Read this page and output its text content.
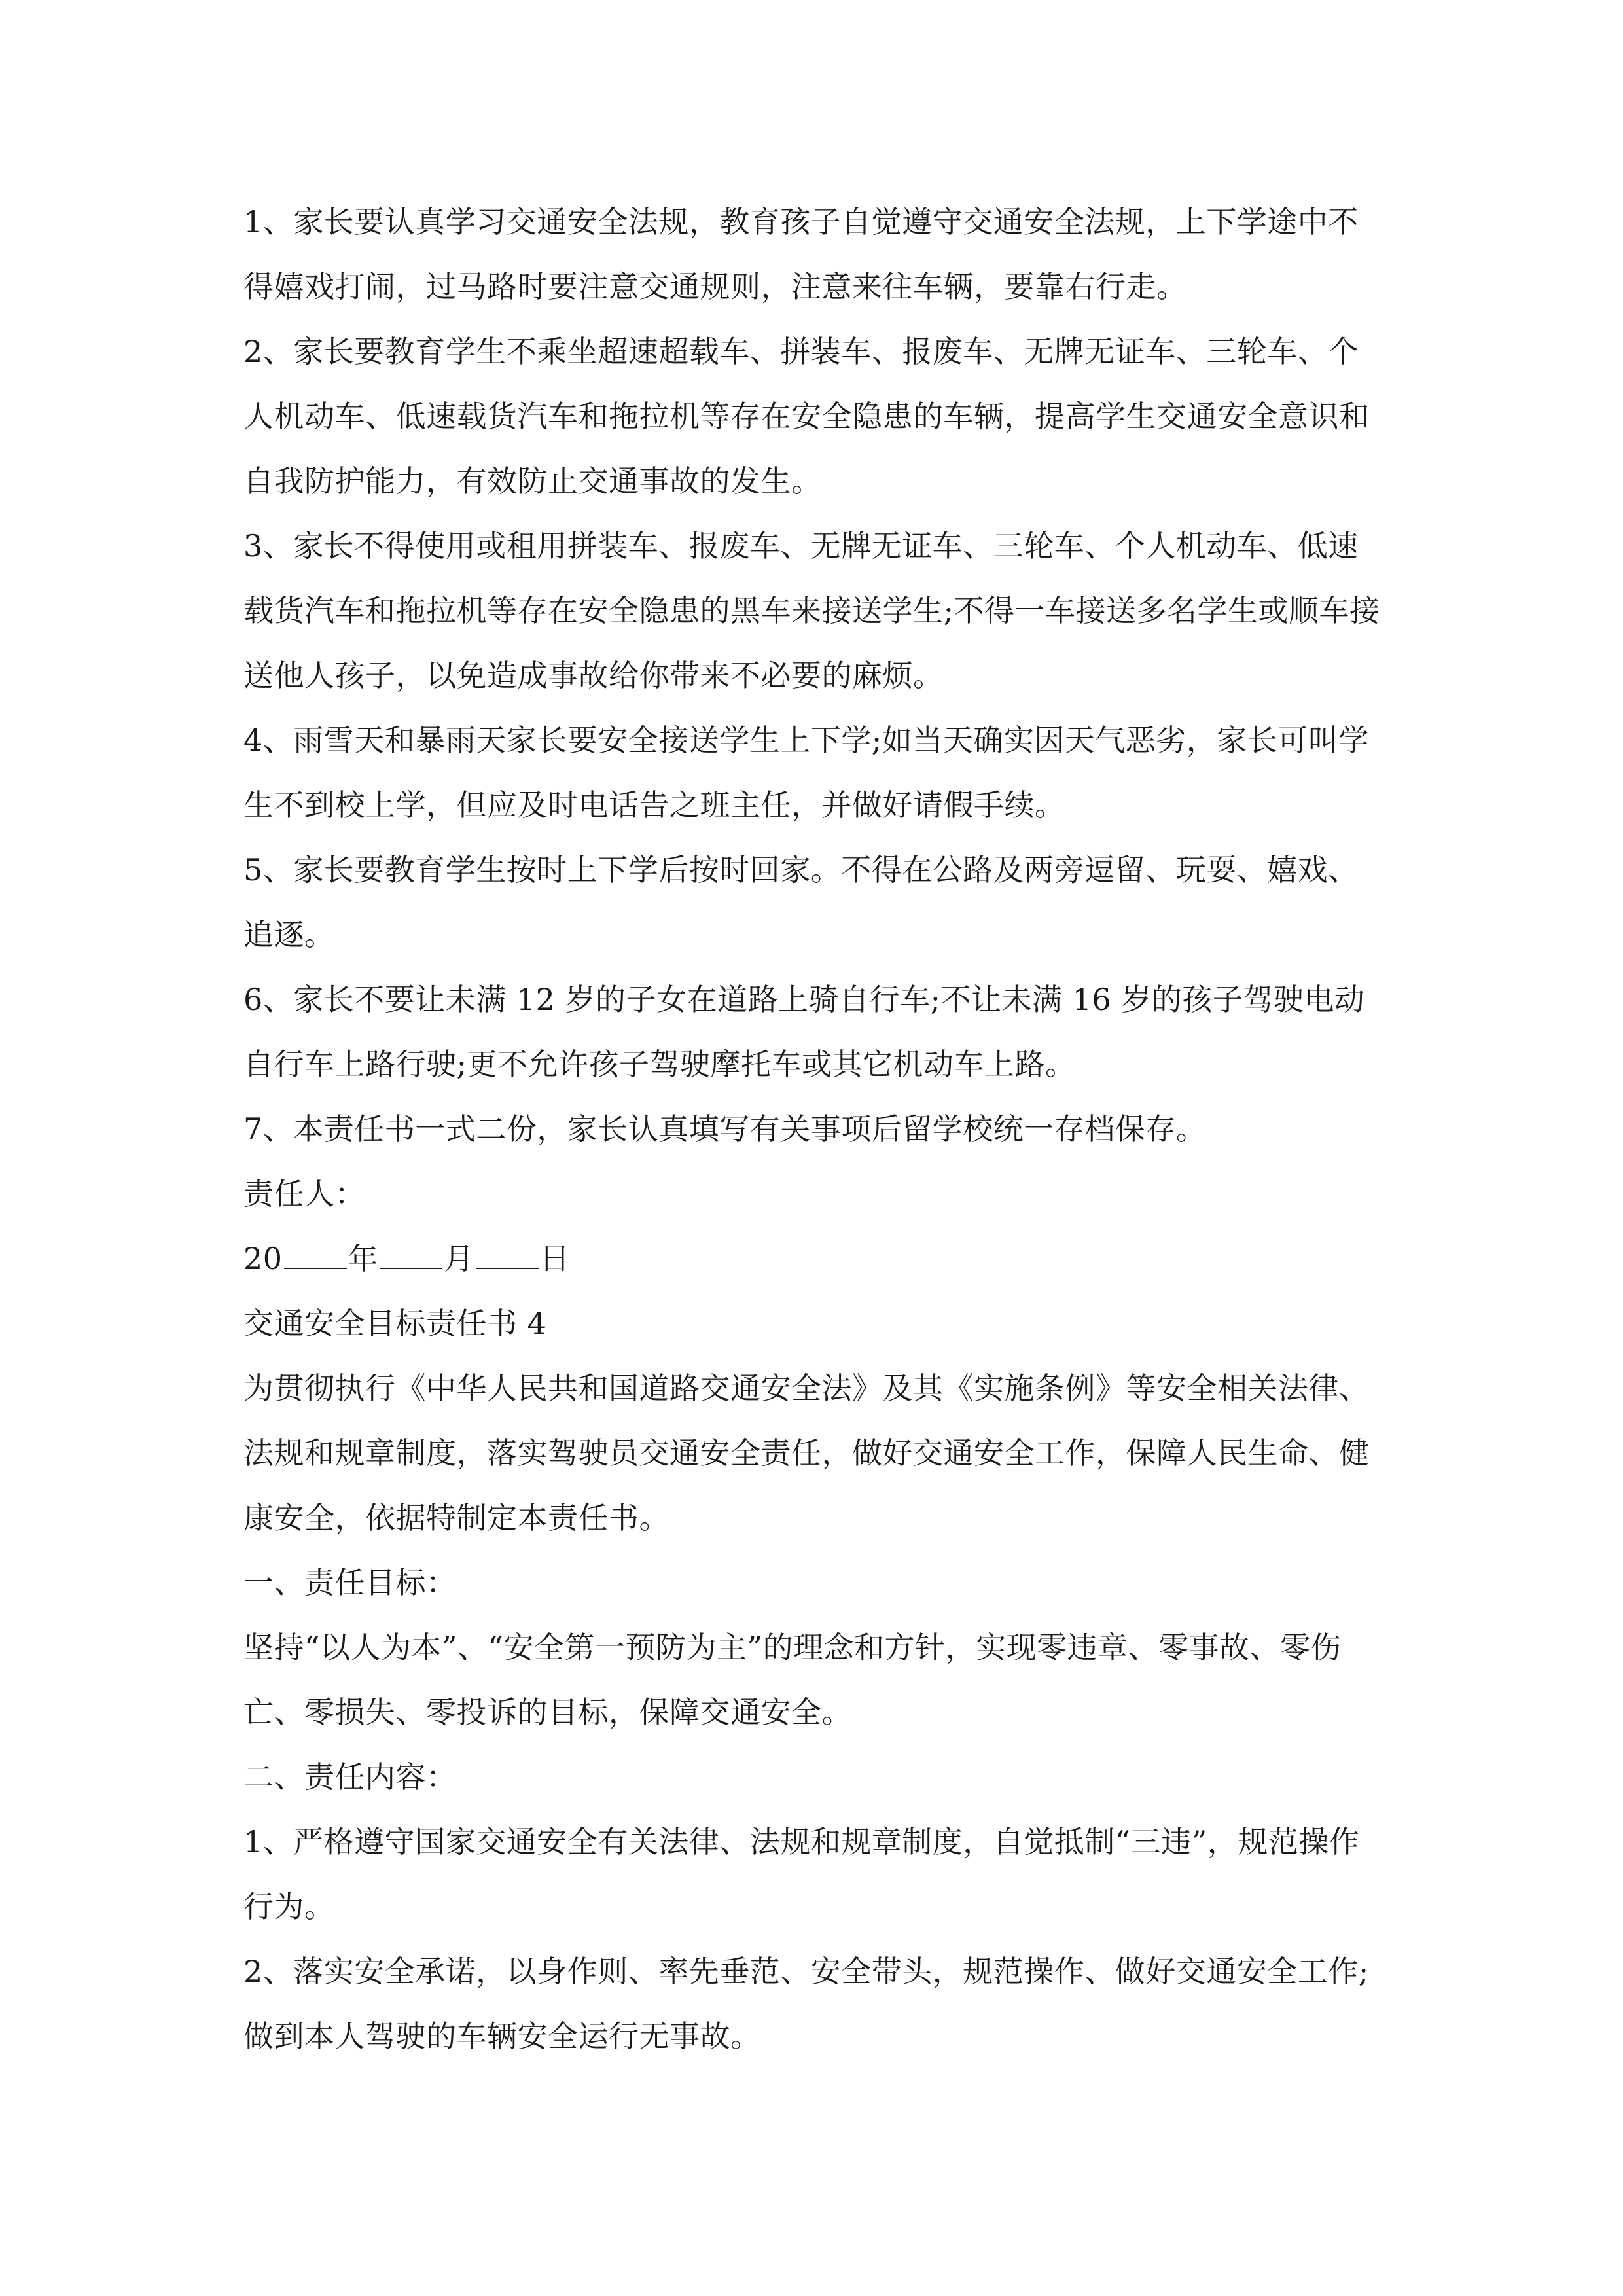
1、家长要认真学习交通安全法规，教育孩子自觉遵守交通安全法规，上下学途中不得嬉戏打闹，过马路时要注意交通规则，注意来往车辆，要靠右行走。

2、家长要教育学生不乘坐超速超载车、拼装车、报废车、无牌无证车、三轮车、个人机动车、低速载货汽车和拖拉机等存在安全隐患的车辆，提高学生交通安全意识和自我防护能力，有效防止交通事故的发生。

3、家长不得使用或租用拼装车、报废车、无牌无证车、三轮车、个人机动车、低速载货汽车和拖拉机等存在安全隐患的黑车来接送学生;不得一车接送多名学生或顺车接送他人孩子，以免造成事故给你带来不必要的麻烦。

4、雨雪天和暴雨天家长要安全接送学生上下学;如当天确实因天气恶劣，家长可叫学生不到校上学，但应及时电话告之班主任，并做好请假手续。

5、家长要教育学生按时上下学后按时回家。不得在公路及两旁逗留、玩耍、嬉戏、追逐。

6、家长不要让未满 12 岁的子女在道路上骑自行车;不让未满 16 岁的孩子驾驶电动自行车上路行驶;更不允许孩子驾驶摩托车或其它机动车上路。

7、本责任书一式二份，家长认真填写有关事项后留学校统一存档保存。

责任人：

20 年 月 日

交通安全目标责任书 4

为贯彻执行《中华人民共和国道路交通安全法》及其《实施条例》等安全相关法律、法规和规章制度，落实驾驶员交通安全责任，做好交通安全工作，保障人民生命、健康安全，依据特制定本责任书。

一、责任目标：

坚持“以人为本”、“安全第一预防为主”的理念和方针，实现零违章、零事故、零伤亡、零损失、零投诉的目标，保障交通安全。

二、责任内容：

1、严格遵守国家交通安全有关法律、法规和规章制度，自觉抵制“三违”，规范操作行为。

2、落实安全承诺，以身作则、率先垂范、安全带头，规范操作、做好交通安全工作;做到本人驾驶的车辆安全运行无事故。
